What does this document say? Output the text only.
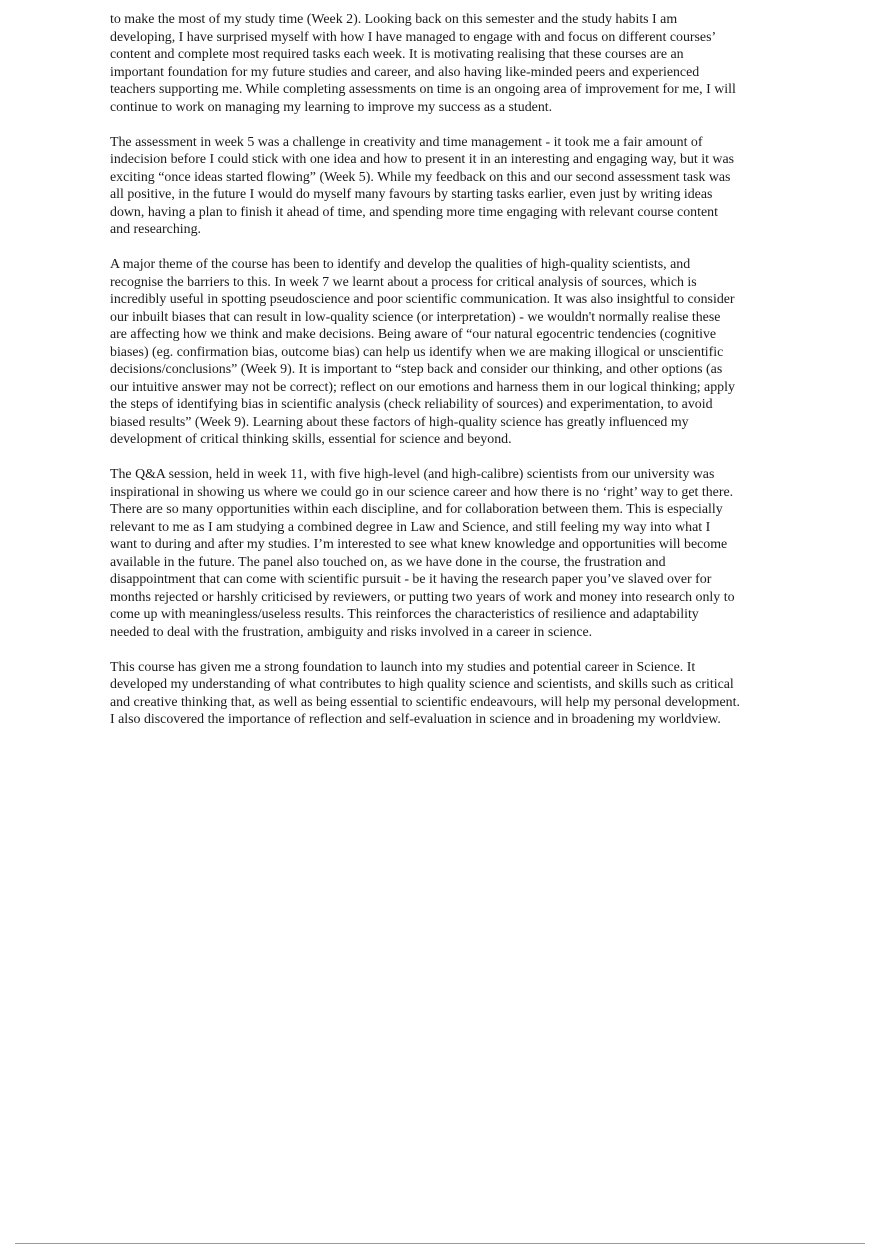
to make the most of my study time (Week 2). Looking back on this semester and the study habits I am developing, I have surprised myself with how I have managed to engage with and focus on different courses’ content and complete most required tasks each week. It is motivating realising that these courses are an important foundation for my future studies and career, and also having like-minded peers and experienced teachers supporting me. While completing assessments on time is an ongoing area of improvement for me, I will continue to work on managing my learning to improve my success as a student.

The assessment in week 5 was a challenge in creativity and time management - it took me a fair amount of indecision before I could stick with one idea and how to present it in an interesting and engaging way, but it was exciting “once ideas started flowing” (Week 5). While my feedback on this and our second assessment task was all positive, in the future I would do myself many favours by starting tasks earlier, even just by writing ideas down, having a plan to finish it ahead of time, and spending more time engaging with relevant course content and researching.

A major theme of the course has been to identify and develop the qualities of high-quality scientists, and recognise the barriers to this. In week 7 we learnt about a process for critical analysis of sources, which is incredibly useful in spotting pseudoscience and poor scientific communication. It was also insightful to consider our inbuilt biases that can result in low-quality science (or interpretation) - we wouldn't normally realise these are affecting how we think and make decisions. Being aware of “our natural egocentric tendencies (cognitive biases) (eg. confirmation bias, outcome bias) can help us identify when we are making illogical or unscientific decisions/conclusions” (Week 9). It is important to “step back and consider our thinking, and other options (as our intuitive answer may not be correct); reflect on our emotions and harness them in our logical thinking; apply the steps of identifying bias in scientific analysis (check reliability of sources) and experimentation, to avoid biased results” (Week 9). Learning about these factors of high-quality science has greatly influenced my development of critical thinking skills, essential for science and beyond.

The Q&A session, held in week 11, with five high-level (and high-calibre) scientists from our university was inspirational in showing us where we could go in our science career and how there is no ‘right’ way to get there. There are so many opportunities within each discipline, and for collaboration between them. This is especially relevant to me as I am studying a combined degree in Law and Science, and still feeling my way into what I want to during and after my studies. I’m interested to see what knew knowledge and opportunities will become available in the future. The panel also touched on, as we have done in the course, the frustration and disappointment that can come with scientific pursuit - be it having the research paper you’ve slaved over for months rejected or harshly criticised by reviewers, or putting two years of work and money into research only to come up with meaningless/useless results. This reinforces the characteristics of resilience and adaptability needed to deal with the frustration, ambiguity and risks involved in a career in science.

This course has given me a strong foundation to launch into my studies and potential career in Science. It developed my understanding of what contributes to high quality science and scientists, and skills such as critical and creative thinking that, as well as being essential to scientific endeavours, will help my personal development. I also discovered the importance of reflection and self-evaluation in science and in broadening my worldview.
